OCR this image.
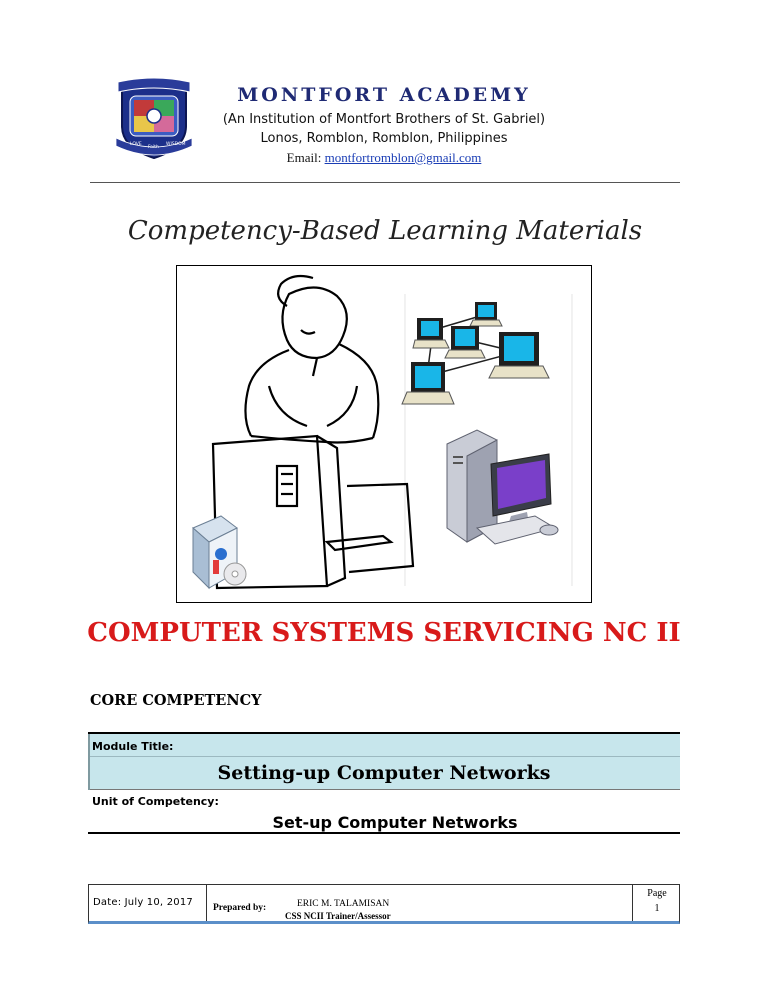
LOVE
Faith
WISDOM
MONTFORT ACADEMY
(An Institution of Montfort Brothers of St. Gabriel)
Lonos, Romblon, Romblon, Philippines
Email: montfortromblon@gmail.com
Competency-Based Learning Materials
COMPUTER SYSTEMS SERVICING NC II
CORE COMPETENCY
Module Title:
Setting-up Computer Networks
Unit of Competency:
Set-up Computer Networks
Date: July 10, 2017 Prepared by:	ERIC M. TALAMISAN
CSS NCII Trainer/Assessor
Page
1
